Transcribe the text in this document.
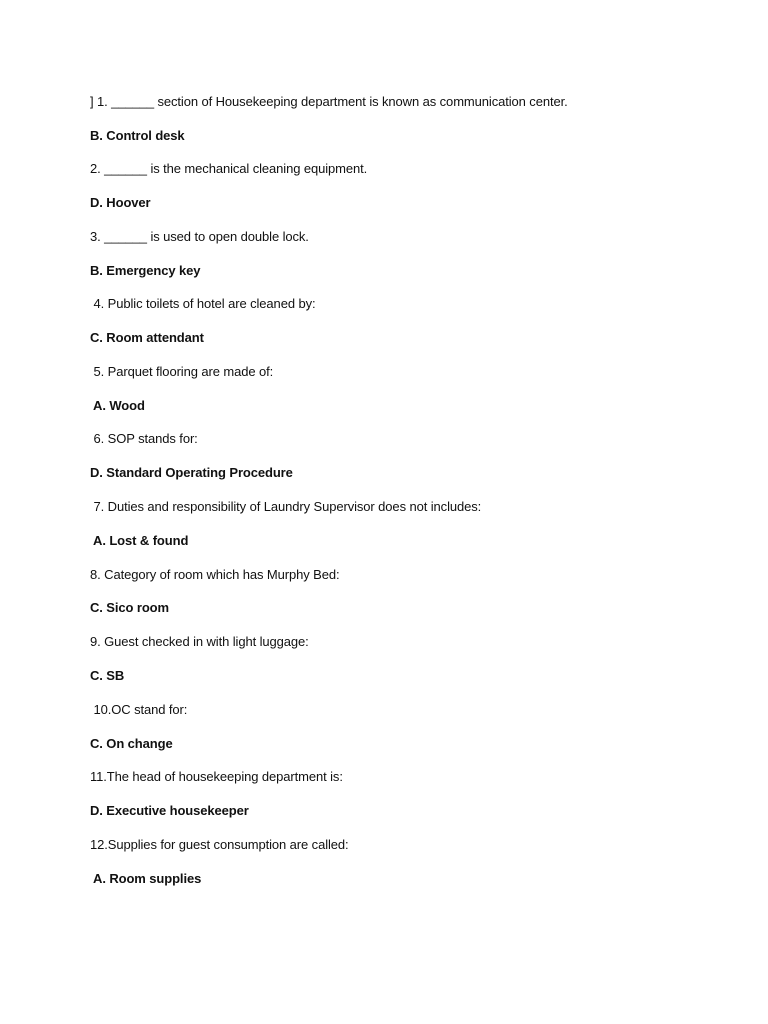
] 1. ______ section of Housekeeping department is known as communication center.
B. Control desk
2. ______ is the mechanical cleaning equipment.
D. Hoover
3. ______ is used to open double lock.
B. Emergency key
4. Public toilets of hotel are cleaned by:
C. Room attendant
5. Parquet flooring are made of:
A. Wood
6. SOP stands for:
D. Standard Operating Procedure
7. Duties and responsibility of Laundry Supervisor does not includes:
A. Lost & found
8. Category of room which has Murphy Bed:
C. Sico room
9. Guest checked in with light luggage:
C. SB
10.OC stand for:
C. On change
11.The head of housekeeping department is:
D. Executive housekeeper
12.Supplies for guest consumption are called:
A. Room supplies
